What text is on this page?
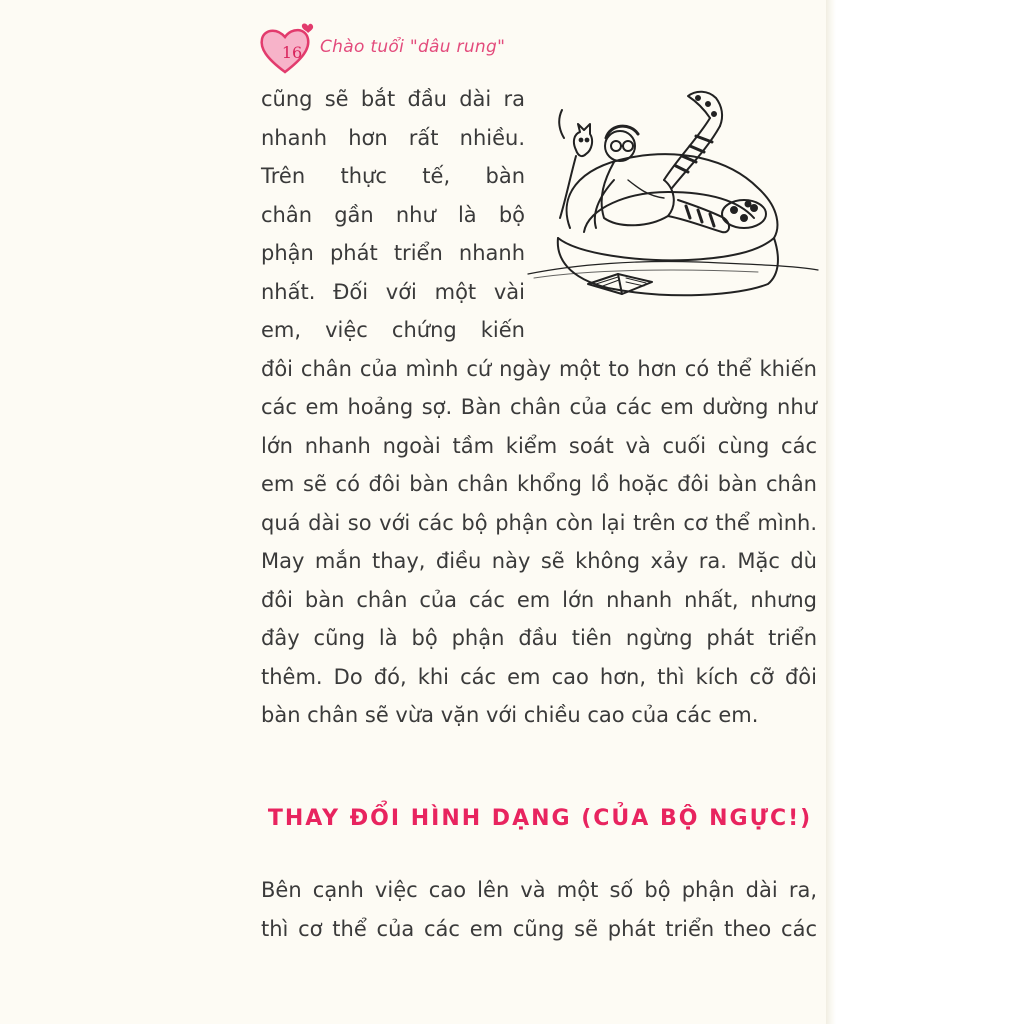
16 Chào tuổi "dâu rung"
cũng sẽ bắt đầu dài ra
nhanh hơn rất nhiều.
Trên thực tế, bàn
chân gần như là bộ
phận phát triển nhanh
nhất. Đối với một vài
em, việc chứng kiến
đôi chân của mình cứ ngày một to hơn có thể khiến
các em hoảng sợ. Bàn chân của các em dường như
lớn nhanh ngoài tầm kiểm soát và cuối cùng các
em sẽ có đôi bàn chân khổng lồ hoặc đôi bàn chân
quá dài so với các bộ phận còn lại trên cơ thể mình.
May mắn thay, điều này sẽ không xảy ra. Mặc dù
đôi bàn chân của các em lớn nhanh nhất, nhưng
đây cũng là bộ phận đầu tiên ngừng phát triển
thêm. Do đó, khi các em cao hơn, thì kích cỡ đôi
bàn chân sẽ vừa vặn với chiều cao của các em.
THAY ĐỔI HÌNH DẠNG (CỦA BỘ NGỰC!)
Bên cạnh việc cao lên và một số bộ phận dài ra,
thì cơ thể của các em cũng sẽ phát triển theo các
